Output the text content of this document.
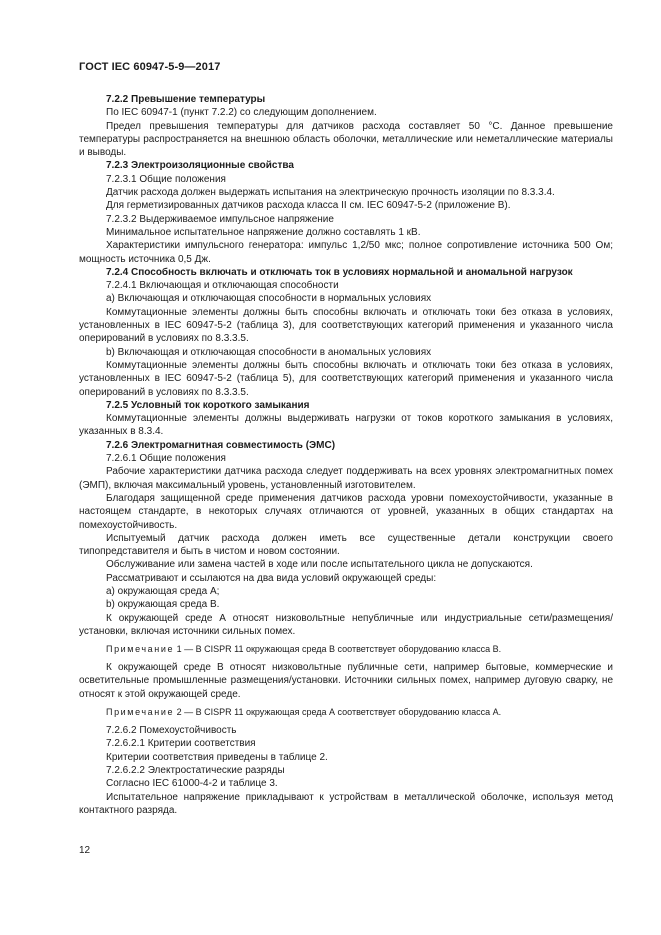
ГОСТ IEC 60947-5-9—2017

7.2.2 Превышение температуры

По IEC 60947-1 (пункт 7.2.2) со следующим дополнением.

Предел превышения температуры для датчиков расхода составляет 50 °С. Данное превышение температуры распространяется на внешнюю область оболочки, металлические или неметаллические материалы и выводы.

7.2.3 Электроизоляционные свойства

7.2.3.1 Общие положения

Датчик расхода должен выдержать испытания на электрическую прочность изоляции по 8.3.3.4.

Для герметизированных датчиков расхода класса II см. IEC 60947-5-2 (приложение В).

7.2.3.2 Выдерживаемое импульсное напряжение

Минимальное испытательное напряжение должно составлять 1 кВ.

Характеристики импульсного генератора: импульс 1,2/50 мкс; полное сопротивление источника 500 Ом; мощность источника 0,5 Дж.

7.2.4 Способность включать и отключать ток в условиях нормальной и аномальной нагрузок

7.2.4.1 Включающая и отключающая способности

а) Включающая и отключающая способности в нормальных условиях

Коммутационные элементы должны быть способны включать и отключать токи без отказа в условиях, установленных в IEC 60947-5-2 (таблица 3), для соответствующих категорий применения и указанного числа оперирований в условиях по 8.3.3.5.

b) Включающая и отключающая способности в аномальных условиях

Коммутационные элементы должны быть способны включать и отключать токи без отказа в условиях, установленных в IEC 60947-5-2 (таблица 5), для соответствующих категорий применения и указанного числа оперирований в условиях по 8.3.3.5.

7.2.5 Условный ток короткого замыкания

Коммутационные элементы должны выдерживать нагрузки от токов короткого замыкания в условиях, указанных в 8.3.4.

7.2.6 Электромагнитная совместимость (ЭМС)

7.2.6.1 Общие положения

Рабочие характеристики датчика расхода следует поддерживать на всех уровнях электромагнитных помех (ЭМП), включая максимальный уровень, установленный изготовителем.

Благодаря защищенной среде применения датчиков расхода уровни помехоустойчивости, указанные в настоящем стандарте, в некоторых случаях отличаются от уровней, указанных в общих стандартах на помехоустойчивость.

Испытуемый датчик расхода должен иметь все существенные детали конструкции своего типопредставителя и быть в чистом и новом состоянии.

Обслуживание или замена частей в ходе или после испытательного цикла не допускаются.

Рассматривают и ссылаются на два вида условий окружающей среды:

а) окружающая среда А;

b) окружающая среда В.

К окружающей среде А относят низковольтные непубличные или индустриальные сети/размещения/установки, включая источники сильных помех.

Примечание 1 — В CISPR 11 окружающая среда В соответствует оборудованию класса В.

К окружающей среде В относят низковольтные публичные сети, например бытовые, коммерческие и осветительные промышленные размещения/установки. Источники сильных помех, например дуговую сварку, не относят к этой окружающей среде.

Примечание 2 — В CISPR 11 окружающая среда А соответствует оборудованию класса А.

7.2.6.2 Помехоустойчивость

7.2.6.2.1 Критерии соответствия

Критерии соответствия приведены в таблице 2.

7.2.6.2.2 Электростатические разряды

Согласно IEC 61000-4-2 и таблице 3.

Испытательное напряжение прикладывают к устройствам в металлической оболочке, используя метод контактного разряда.

12
